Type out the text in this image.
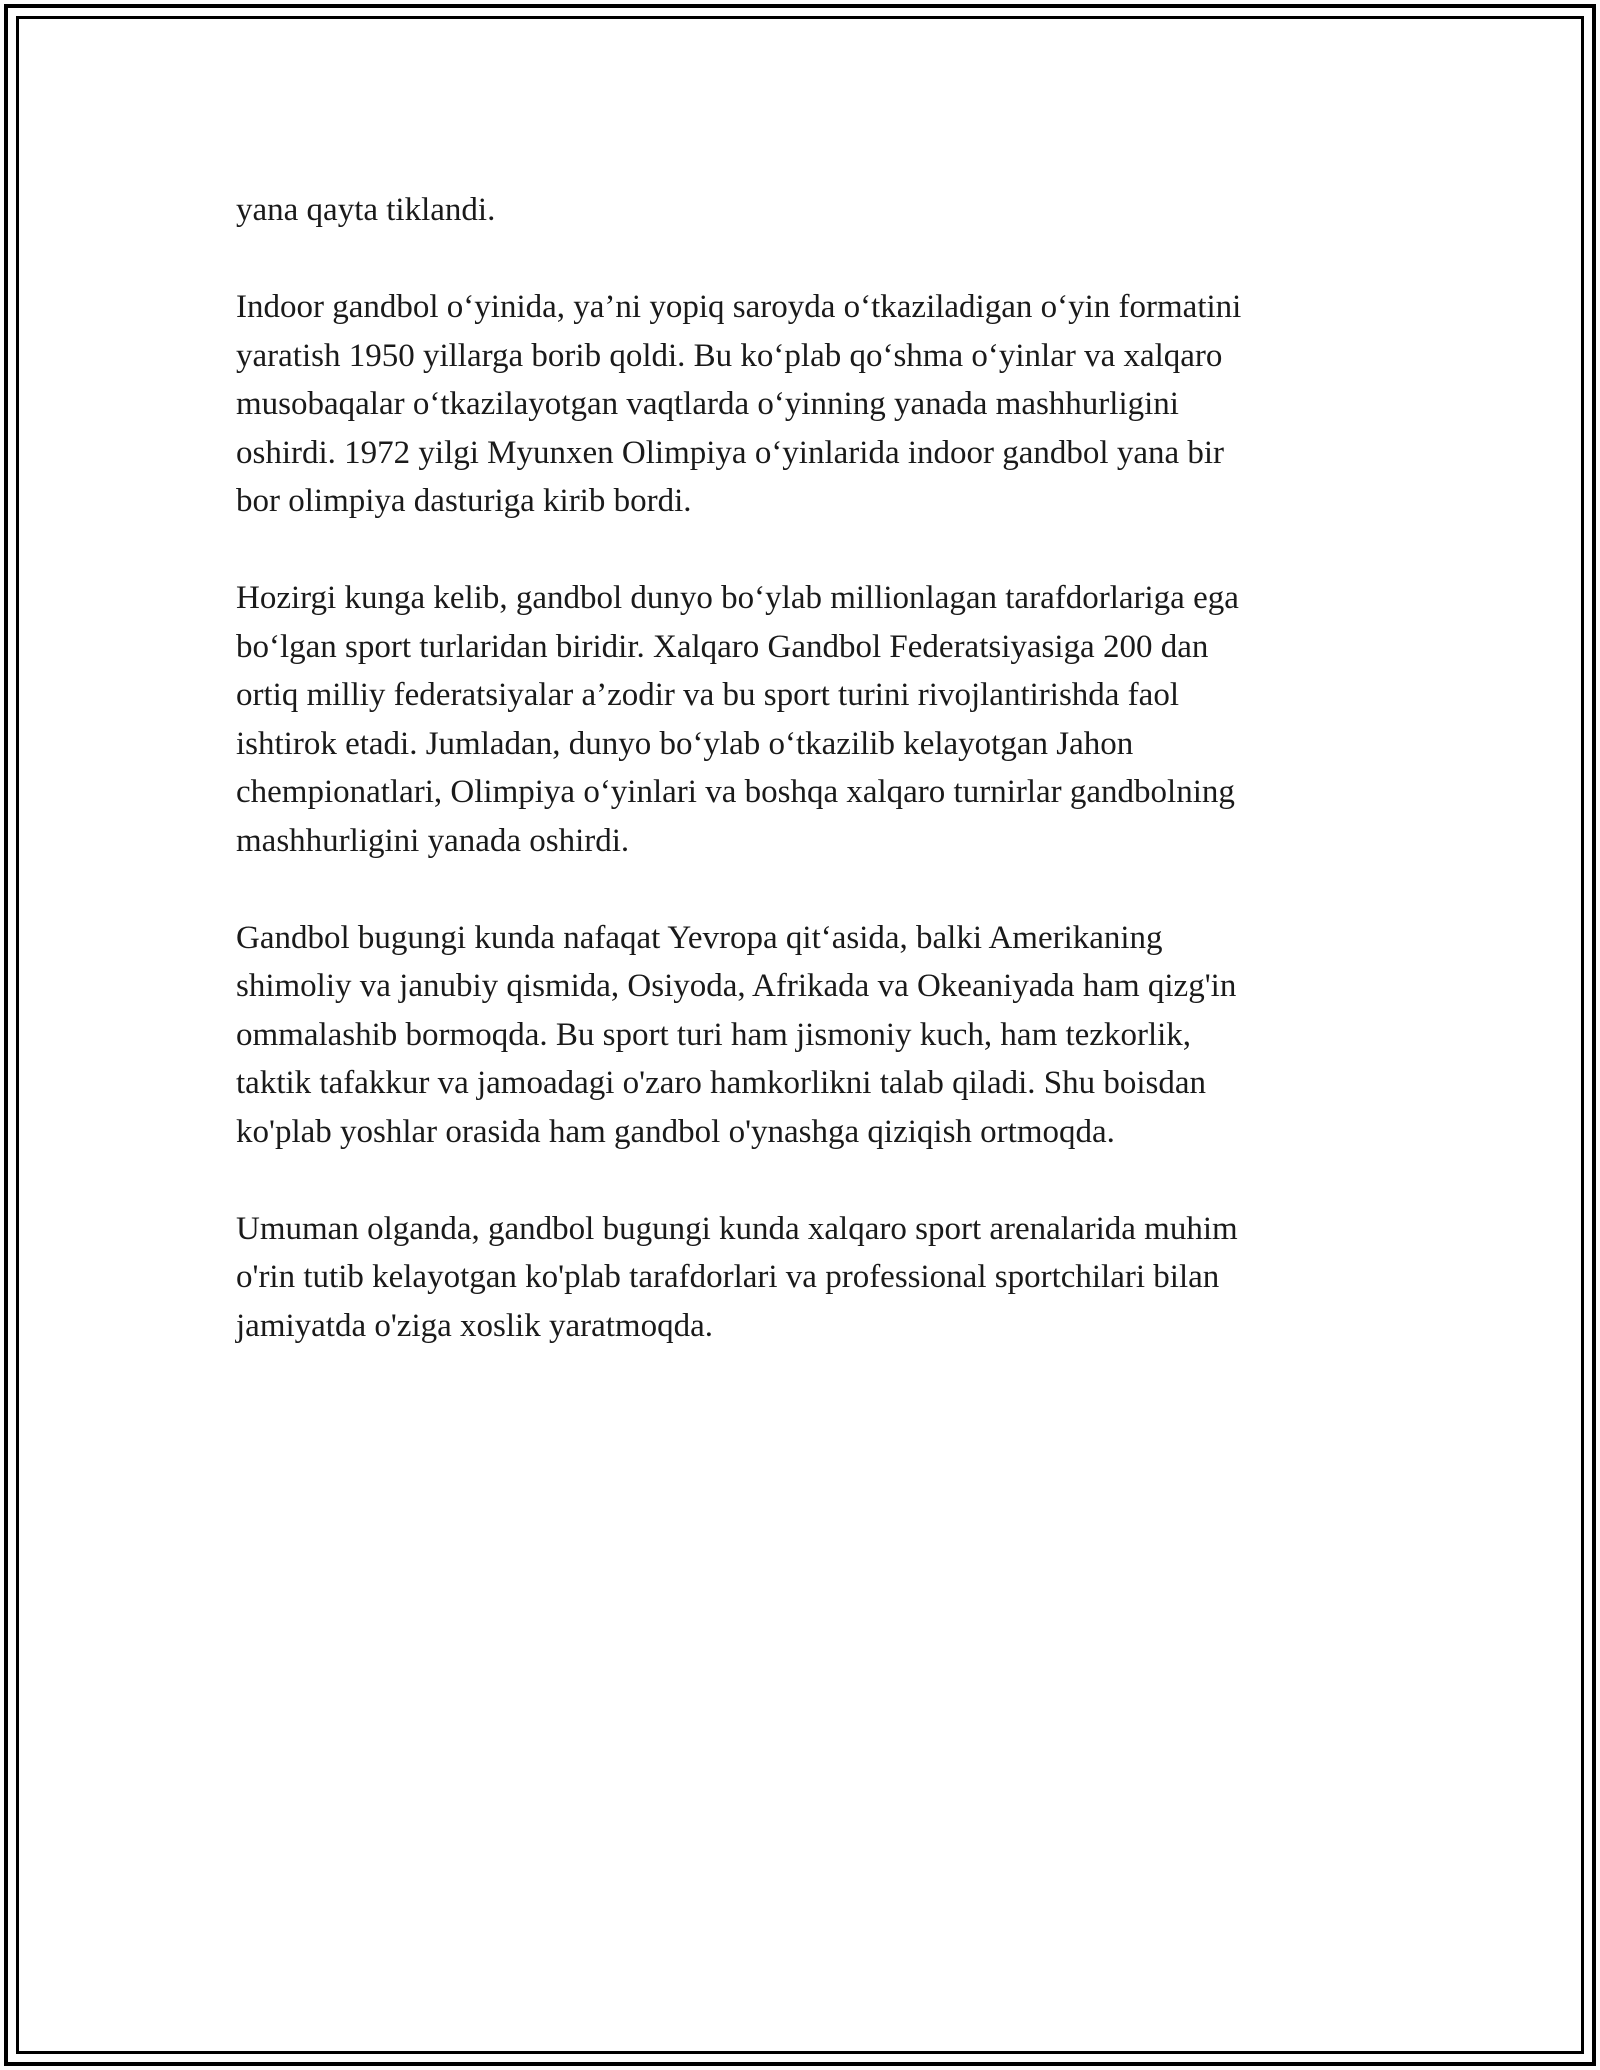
yana qayta tiklandi.

Indoor gandbol o‘yinida, ya’ni yopiq saroyda o‘tkaziladigan o‘yin formatini
yaratish 1950 yillarga borib qoldi. Bu ko‘plab qo‘shma o‘yinlar va xalqaro
musobaqalar o‘tkazilayotgan vaqtlarda o‘yinning yanada mashhurligini
oshirdi. 1972 yilgi Myunxen Olimpiya o‘yinlarida indoor gandbol yana bir
bor olimpiya dasturiga kirib bordi.

Hozirgi kunga kelib, gandbol dunyo bo‘ylab millionlagan tarafdorlariga ega
bo‘lgan sport turlaridan biridir. Xalqaro Gandbol Federatsiyasiga 200 dan
ortiq milliy federatsiyalar a’zodir va bu sport turini rivojlantirishda faol
ishtirok etadi. Jumladan, dunyo bo‘ylab o‘tkazilib kelayotgan Jahon
chempionatlari, Olimpiya o‘yinlari va boshqa xalqaro turnirlar gandbolning
mashhurligini yanada oshirdi.

Gandbol bugungi kunda nafaqat Yevropa qit‘asida, balki Amerikaning
shimoliy va janubiy qismida, Osiyoda, Afrikada va Okeaniyada ham qizg'in
ommalashib bormoqda. Bu sport turi ham jismoniy kuch, ham tezkorlik,
taktik tafakkur va jamoadagi o'zaro hamkorlikni talab qiladi. Shu boisdan
ko'plab yoshlar orasida ham gandbol o'ynashga qiziqish ortmoqda.

Umuman olganda, gandbol bugungi kunda xalqaro sport arenalarida muhim
o'rin tutib kelayotgan ko'plab tarafdorlari va professional sportchilari bilan
jamiyatda o'ziga xoslik yaratmoqda.
